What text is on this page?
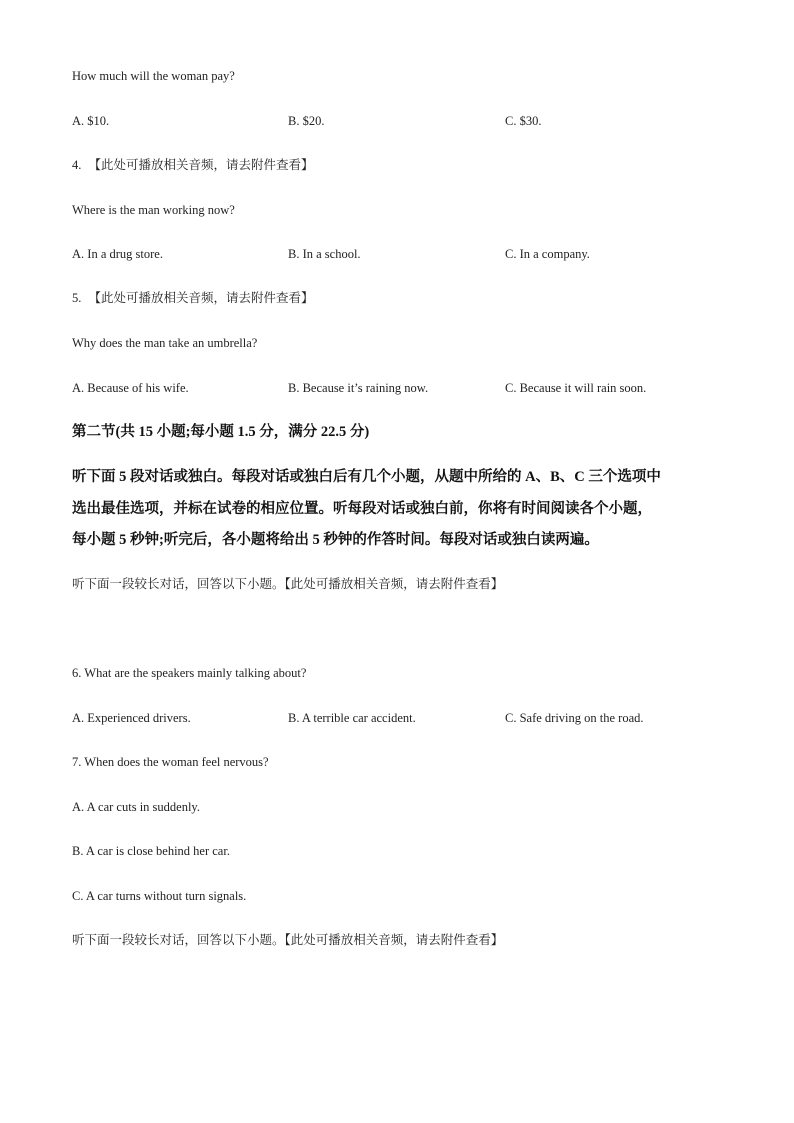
How much will the woman pay?
A. $10.	B. $20.	C. $30.
4. 【此处可播放相关音频，请去附件查看】
Where is the man working now?
A. In a drug store.	B. In a school.	C. In a company.
5. 【此处可播放相关音频，请去附件查看】
Why does the man take an umbrella?
A. Because of his wife.	B. Because it’s raining now.	C. Because it will rain soon.
第二节(共 15 小题;每小题 1.5 分，满分 22.5 分)
听下面 5 段对话或独白。每段对话或独白后有几个小题，从题中所给的 A、B、C 三个选项中
选出最佳选项，并标在试卷的相应位置。听每段对话或独白前，你将有时间阅读各个小题，
每小题 5 秒钟;听完后，各小题将给出 5 秒钟的作答时间。每段对话或独白读两遍。
听下面一段较长对话，回答以下小题。【此处可播放相关音频，请去附件查看】
6. What are the speakers mainly talking about?
A. Experienced drivers.	B. A terrible car accident.	C. Safe driving on the road.
7. When does the woman feel nervous?
A. A car cuts in suddenly.
B. A car is close behind her car.
C. A car turns without turn signals.
听下面一段较长对话，回答以下小题。【此处可播放相关音频，请去附件查看】
